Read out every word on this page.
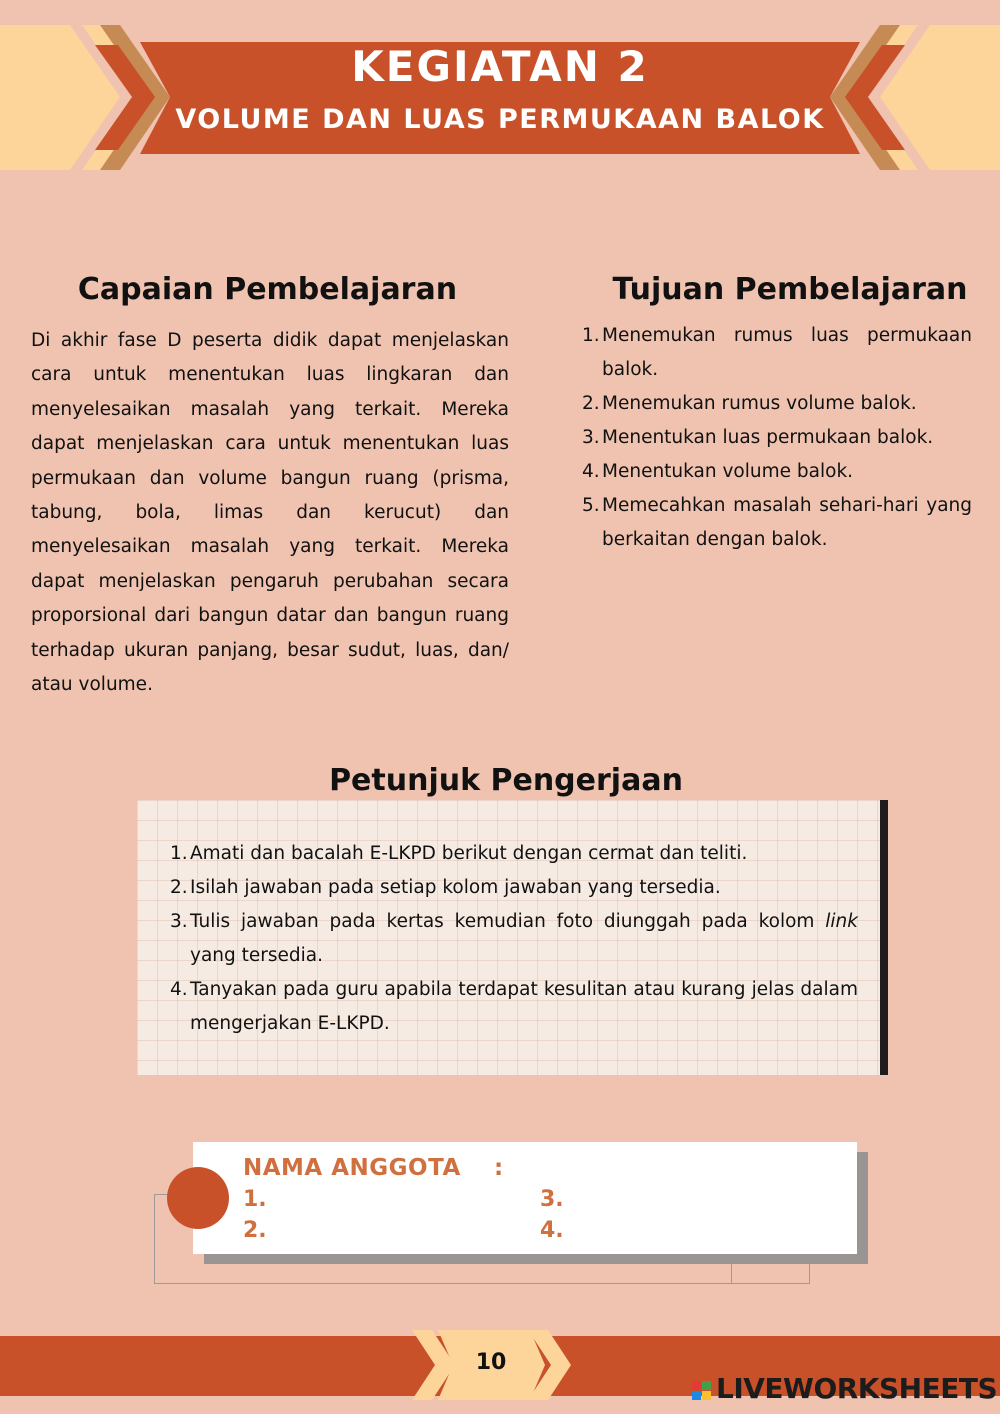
KEGIATAN 2
VOLUME DAN LUAS PERMUKAAN BALOK
Capaian Pembelajaran

Di akhir fase D peserta didik dapat menjelaskan cara untuk menentukan luas lingkaran dan menyelesaikan masalah yang terkait. Mereka dapat menjelaskan cara untuk menentukan luas permukaan dan volume bangun ruang (prisma, tabung, bola, limas dan kerucut) dan menyelesaikan masalah yang terkait. Mereka dapat menjelaskan pengaruh perubahan secara proporsional dari bangun datar dan bangun ruang terhadap ukuran panjang, besar sudut, luas, dan/ atau volume.

Tujuan Pembelajaran
1. Menemukan rumus luas permukaan balok.
2. Menemukan rumus volume balok.
3. Menentukan luas permukaan balok.
4. Menentukan volume balok.
5. Memecahkan masalah sehari-hari yang berkaitan dengan balok.
Petunjuk Pengerjaan
1. Amati dan bacalah E-LKPD berikut dengan cermat dan teliti.
2. Isilah jawaban pada setiap kolom jawaban yang tersedia.
3. Tulis jawaban pada kertas kemudian foto diunggah pada kolom link yang tersedia.
4. Tanyakan pada guru apabila terdapat kesulitan atau kurang jelas dalam mengerjakan E-LKPD.
NAMA ANGGOTA :
1.
2.
3.
4.
10
LIVEWORKSHEETS
